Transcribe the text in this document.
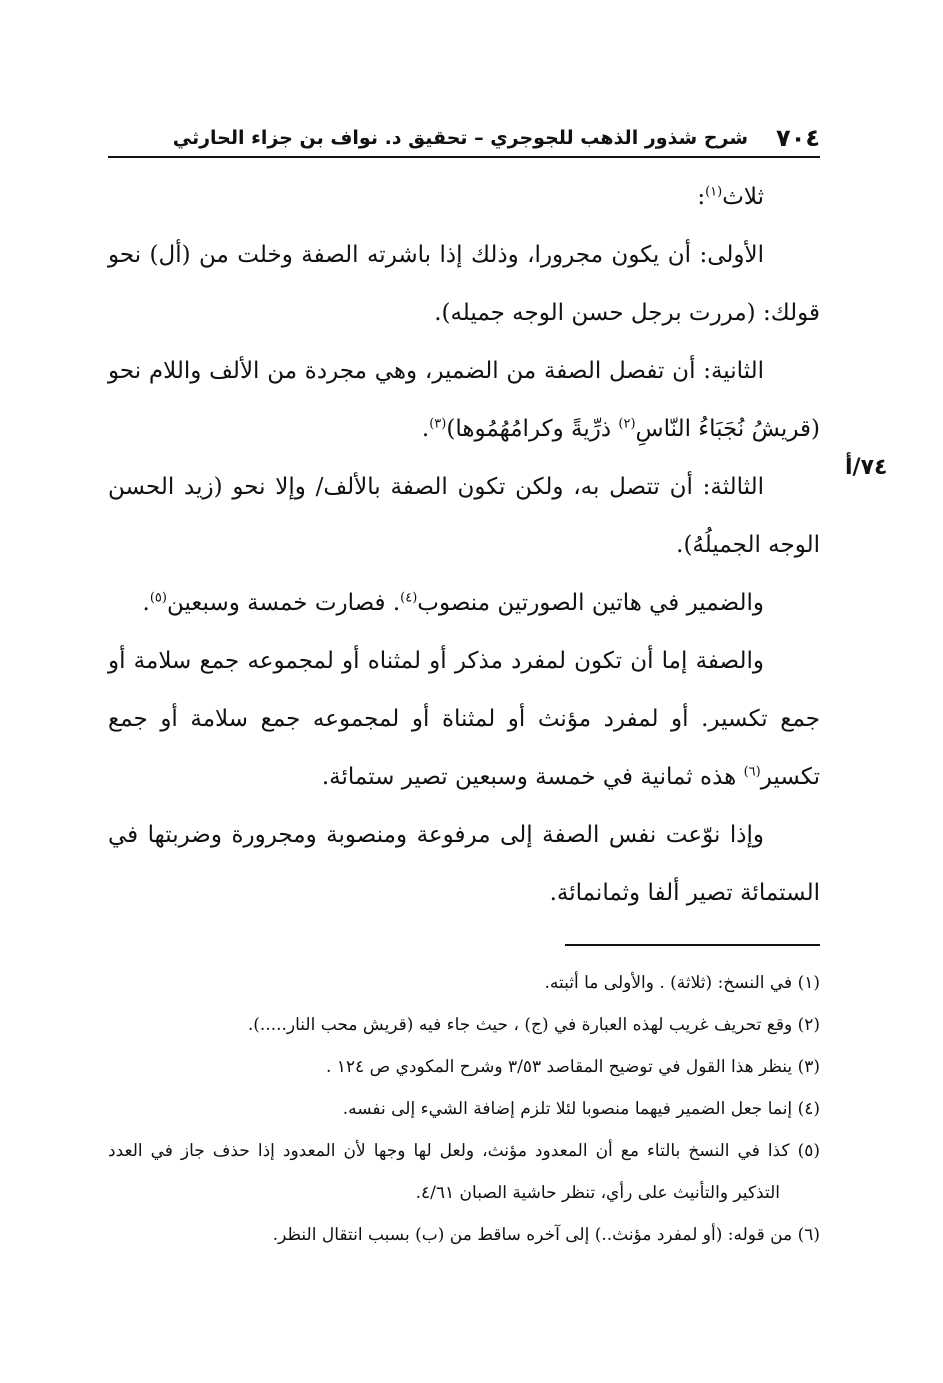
٧٠٤
شرح شذور الذهب للجوجري – تحقيق د. نواف بن جزاء الحارثي
٧٤/أ

ثلاث$^{(١)}$:

الأولى: أن يكون مجرورا، وذلك إذا باشرته الصفة وخلت من (أل) نحو قولك: (مررت برجل حسن الوجه جميله).

الثانية: أن تفصل الصفة من الضمير، وهي مجردة من الألف واللام نحو (قريشُ نُجَبَاءُ النّاسِ$^{(٢)}$ ذرِّيةً وكرامُهُمُوها)$^{(٣)}$.

الثالثة: أن تتصل به، ولكن تكون الصفة بالألف/ وإلا نحو (زيد الحسن الوجه الجميلُهُ).

والضمير في هاتين الصورتين منصوب$^{(٤)}$. فصارت خمسة وسبعين$^{(٥)}$.

والصفة إما أن تكون لمفرد مذكر أو لمثناه أو لمجموعه جمع سلامة أو جمع تكسير. أو لمفرد مؤنث أو لمثناة أو لمجموعه جمع سلامة أو جمع تكسير$^{(٦)}$ هذه ثمانية في خمسة وسبعين تصير ستمائة.

وإذا نوّعت نفس الصفة إلى مرفوعة ومنصوبة ومجرورة وضربتها في الستمائة تصير ألفا وثمانمائة.

(١) في النسخ: (ثلاثة) . والأولى ما أثبته.

(٢) وقع تحريف غريب لهذه العبارة في (ج) ، حيث جاء فيه (قريش محب النار.....).

(٣) ينظر هذا القول في توضيح المقاصد ٣/٥٣ وشرح المكودي ص ١٢٤ .

(٤) إنما جعل الضمير فيهما منصوبا لئلا تلزم إضافة الشيء إلى نفسه.

(٥) كذا في النسخ بالتاء مع أن المعدود مؤنث، ولعل لها وجها لأن المعدود إذا حذف جاز في العدد التذكير والتأنيث على رأي، تنظر حاشية الصبان ٤/٦١.

(٦) من قوله: (أو لمفرد مؤنث..) إلى آخره ساقط من (ب) بسبب انتقال النظر.
